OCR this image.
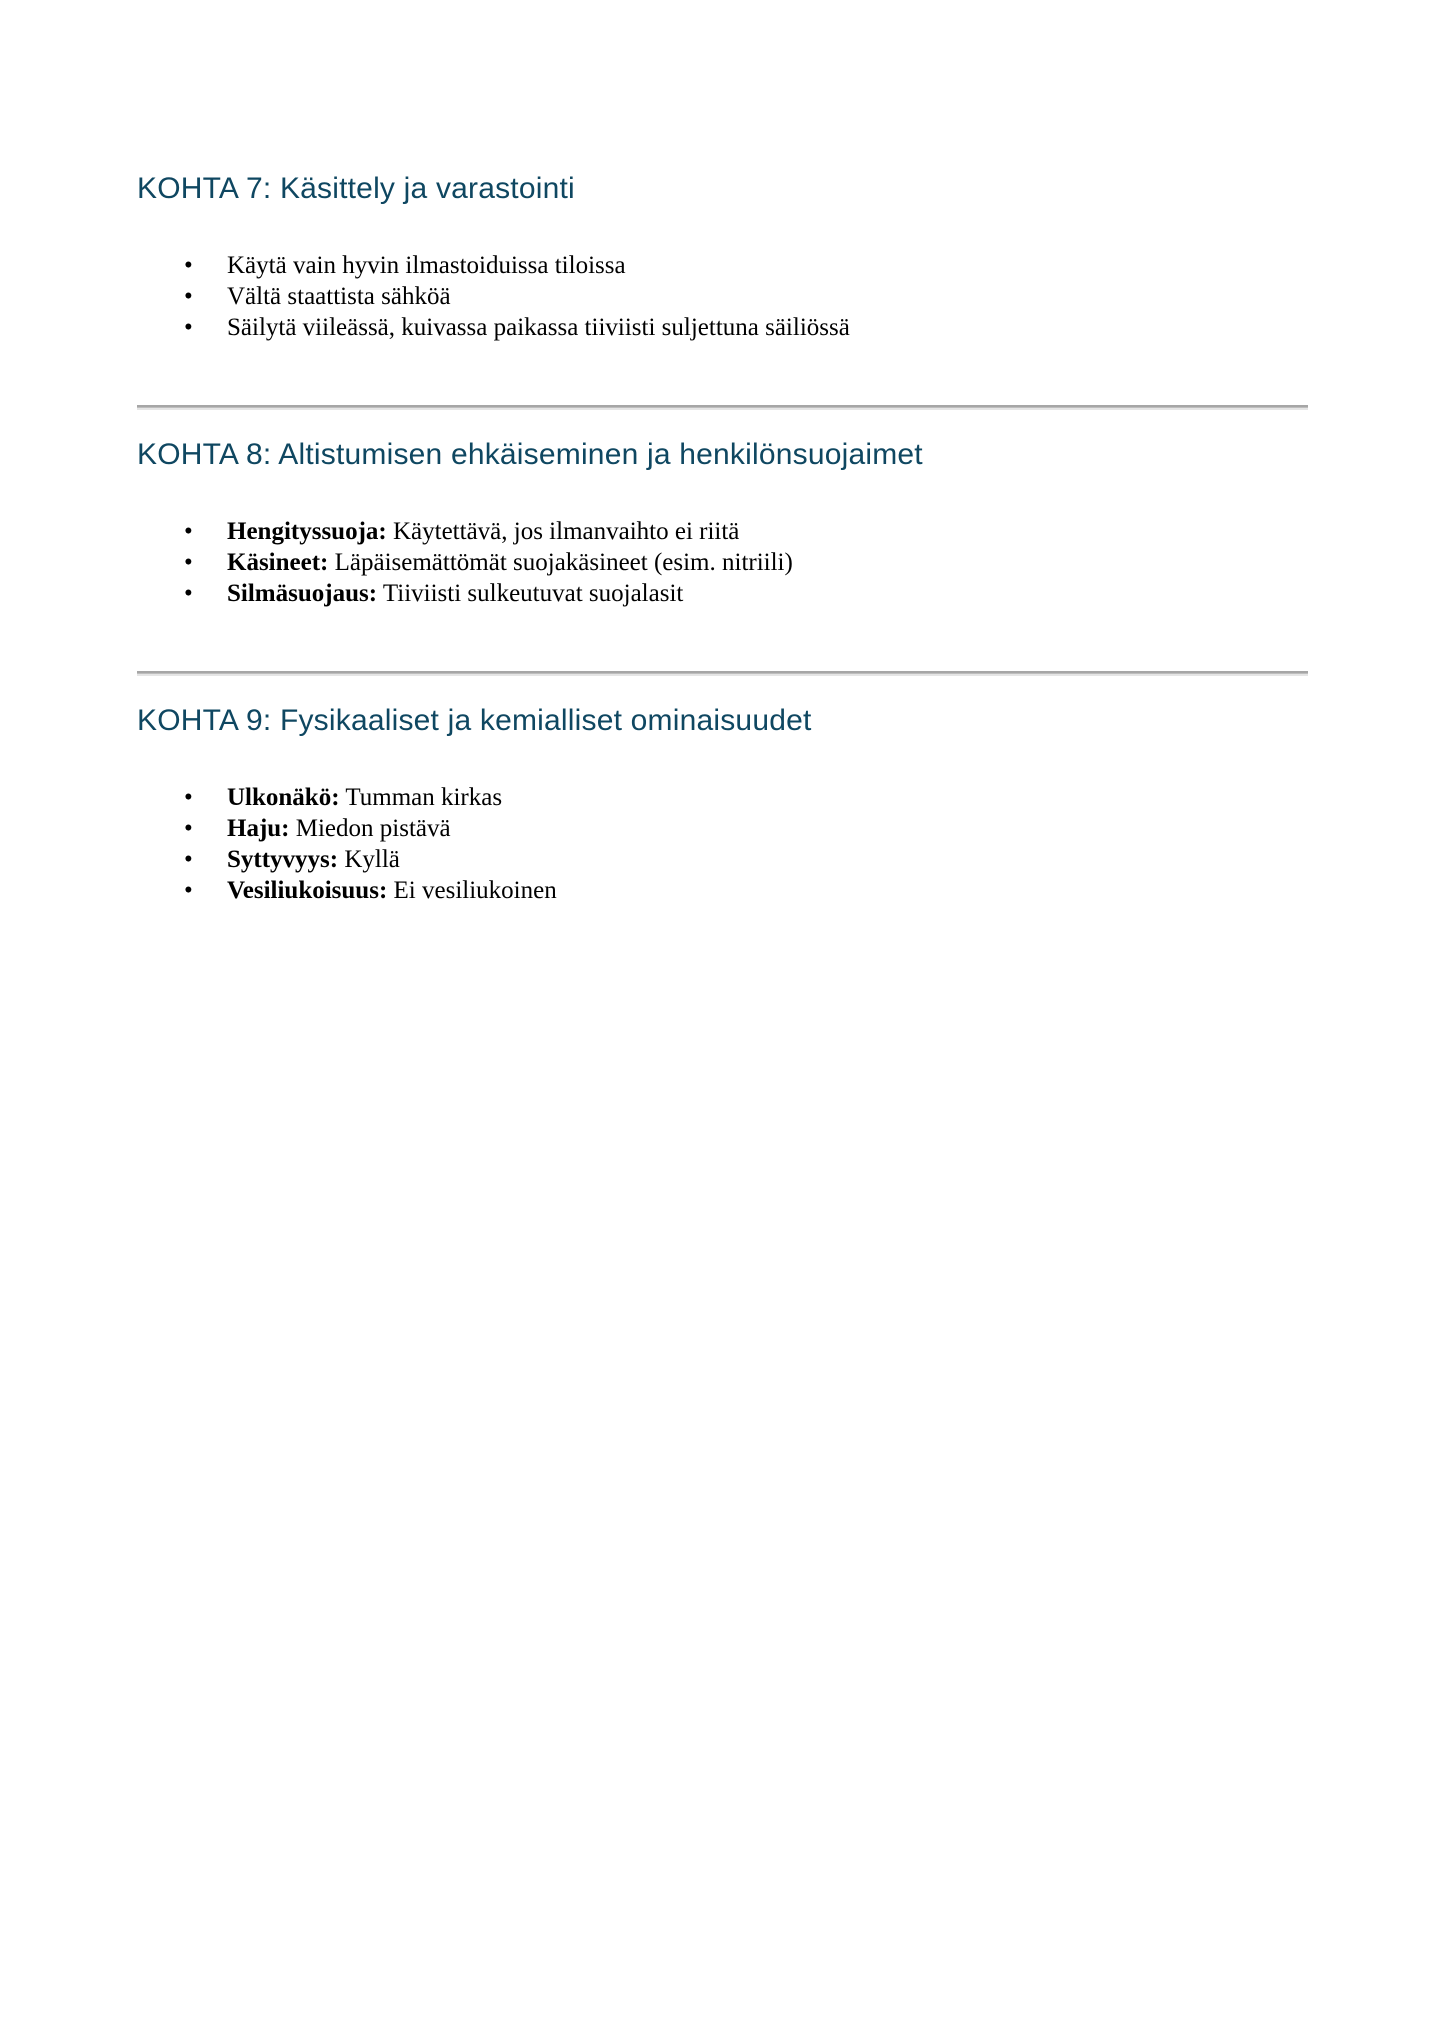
KOHTA 7: Käsittely ja varastointi
• Käytä vain hyvin ilmastoiduissa tiloissa
• Vältä staattista sähköä
• Säilytä viileässä, kuivassa paikassa tiiviisti suljettuna säiliössä
KOHTA 8: Altistumisen ehkäiseminen ja henkilönsuojaimet
• Hengityssuoja: Käytettävä, jos ilmanvaihto ei riitä
• Käsineet: Läpäisemättömät suojakäsineet (esim. nitriili)
• Silmäsuojaus: Tiiviisti sulkeutuvat suojalasit
KOHTA 9: Fysikaaliset ja kemialliset ominaisuudet
• Ulkonäkö: Tumman kirkas
• Haju: Miedon pistävä
• Syttyvyys: Kyllä
• Vesiliukoisuus: Ei vesiliukoinen
